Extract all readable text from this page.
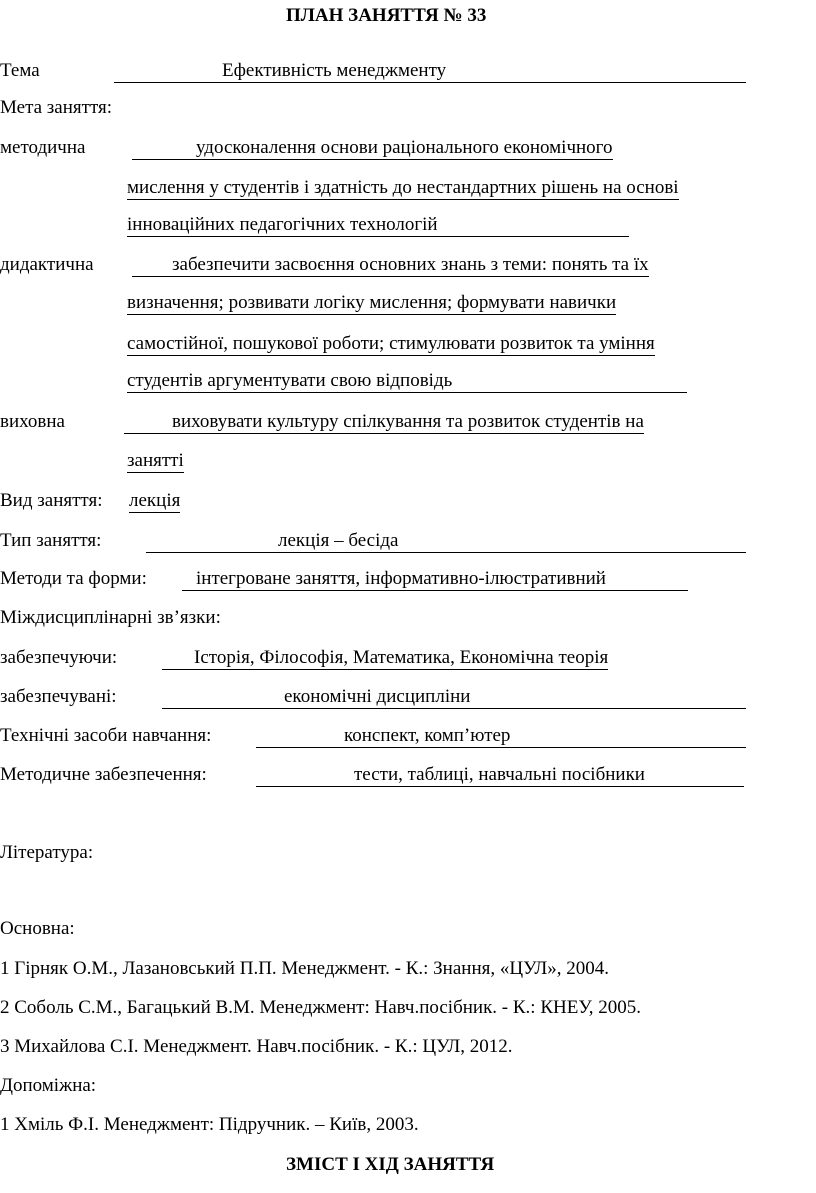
ПЛАН ЗАНЯТТЯ № 33
Тема	Ефективність менеджменту
Мета заняття:
методична	удосконалення основи раціонального економічного
мислення у студентів і здатність до нестандартних рішень на основі
інноваційних педагогічних технологій
дидактична	забезпечити засвоєння основних знань з теми: понять та їх
визначення; розвивати логіку мислення; формувати навички
самостійної, пошукової роботи; стимулювати розвиток та уміння
студентів аргументувати свою відповідь
виховна	виховувати культуру спілкування та розвиток студентів на
занятті
Вид заняття: лекція
Тип заняття:	лекція – бесіда
Методи та форми:	інтегроване заняття, інформативно-ілюстративний
Міждисциплінарні зв’язки:
забезпечуючи:	Історія, Філософія, Математика, Економічна теорія
забезпечувані:	економічні дисципліни
Технічні засоби навчання:	конспект, комп’ютер
Методичне забезпечення:	тести, таблиці, навчальні посібники
Література:
Основна:
1 Гірняк О.М., Лазановський П.П. Менеджмент. - К.: Знання, «ЦУЛ», 2004.
2 Соболь С.М., Багацький В.М. Менеджмент: Навч.посібник. - К.: КНЕУ, 2005.
3 Михайлова С.І. Менеджмент. Навч.посібник. - К.: ЦУЛ, 2012.
Допоміжна:
1 Хміль Ф.І. Менеджмент: Підручник. – Київ, 2003.
ЗМІСТ І ХІД ЗАНЯТТЯ
